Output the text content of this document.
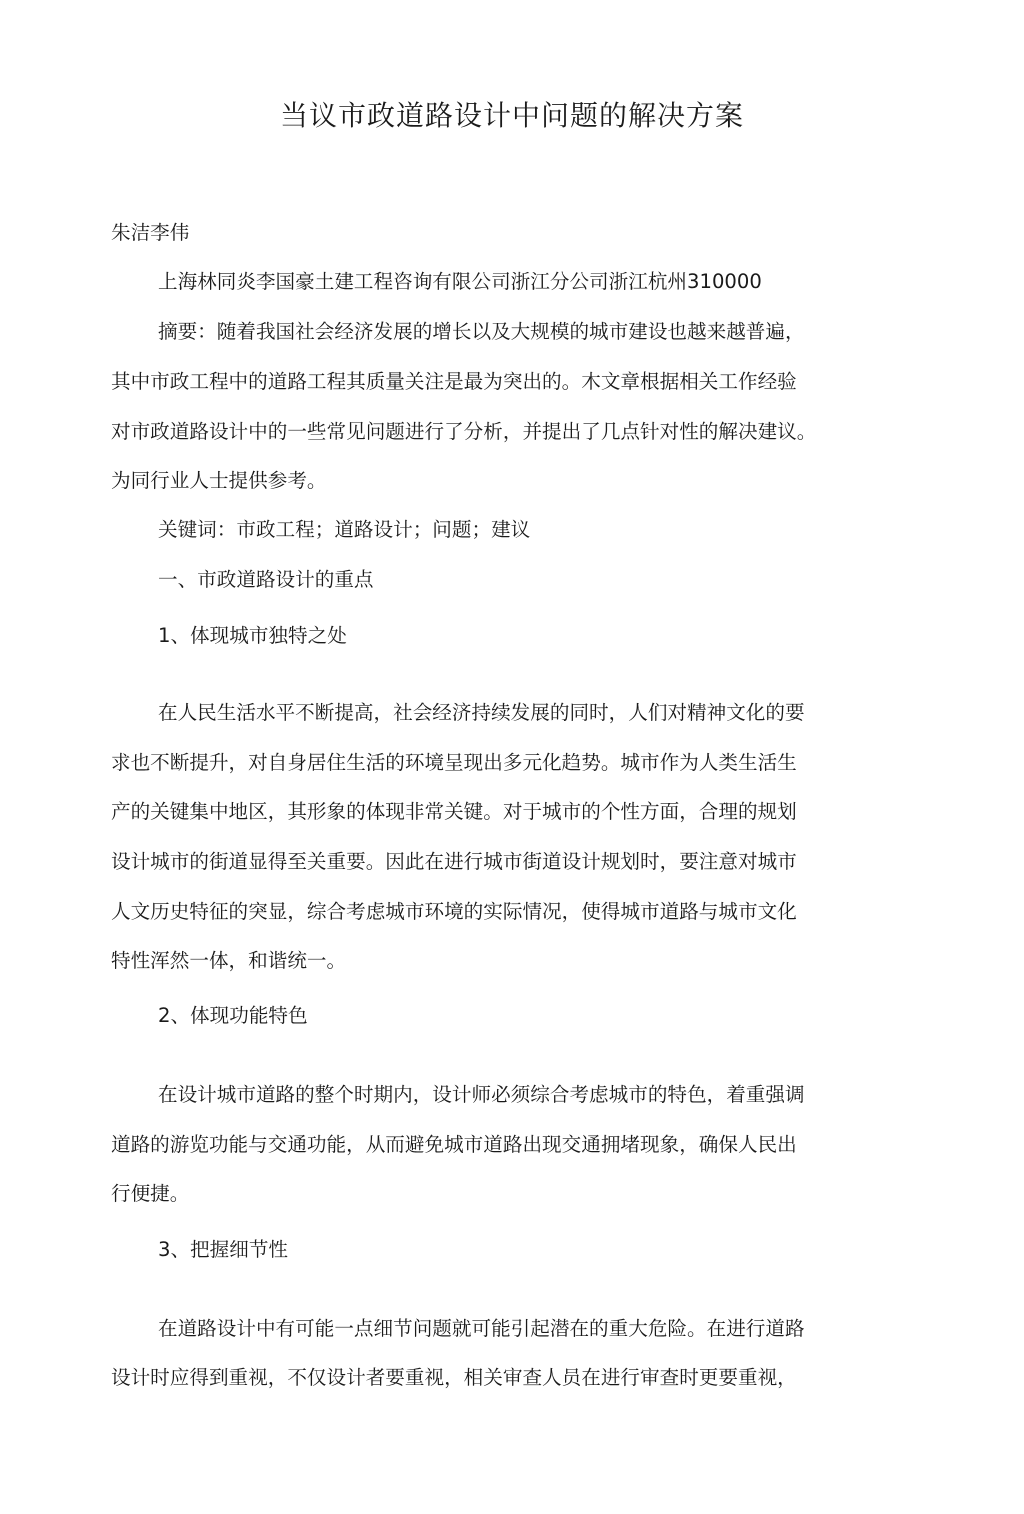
当议市政道路设计中问题的解决方案
朱洁李伟
上海林同炎李国豪土建工程咨询有限公司浙江分公司浙江杭州310000
摘要：随着我国社会经济发展的增长以及大规模的城市建设也越来越普遍，
其中市政工程中的道路工程其质量关注是最为突出的。木文章根据相关工作经验
对市政道路设计中的一些常见问题进行了分析，并提出了几点针对性的解决建议。
为同行业人士提供参考。
关键词：市政工程；道路设计；问题；建议
一、市政道路设计的重点
1、体现城市独特之处
在人民生活水平不断提高，社会经济持续发展的同时，人们对精神文化的要
求也不断提升，对自身居住生活的环境呈现出多元化趋势。城市作为人类生活生
产的关键集中地区，其形象的体现非常关键。对于城市的个性方面，合理的规划
设计城市的街道显得至关重要。因此在进行城市街道设计规划时，要注意对城市
人文历史特征的突显，综合考虑城市环境的实际情况，使得城市道路与城市文化
特性浑然一体，和谐统一。
2、体现功能特色
在设计城市道路的整个时期内，设计师必须综合考虑城市的特色，着重强调
道路的游览功能与交通功能，从而避免城市道路出现交通拥堵现象，确保人民出
行便捷。
3、把握细节性
在道路设计中有可能一点细节问题就可能引起潜在的重大危险。在进行道路
设计时应得到重视，不仅设计者要重视，相关审查人员在进行审查时更要重视，
